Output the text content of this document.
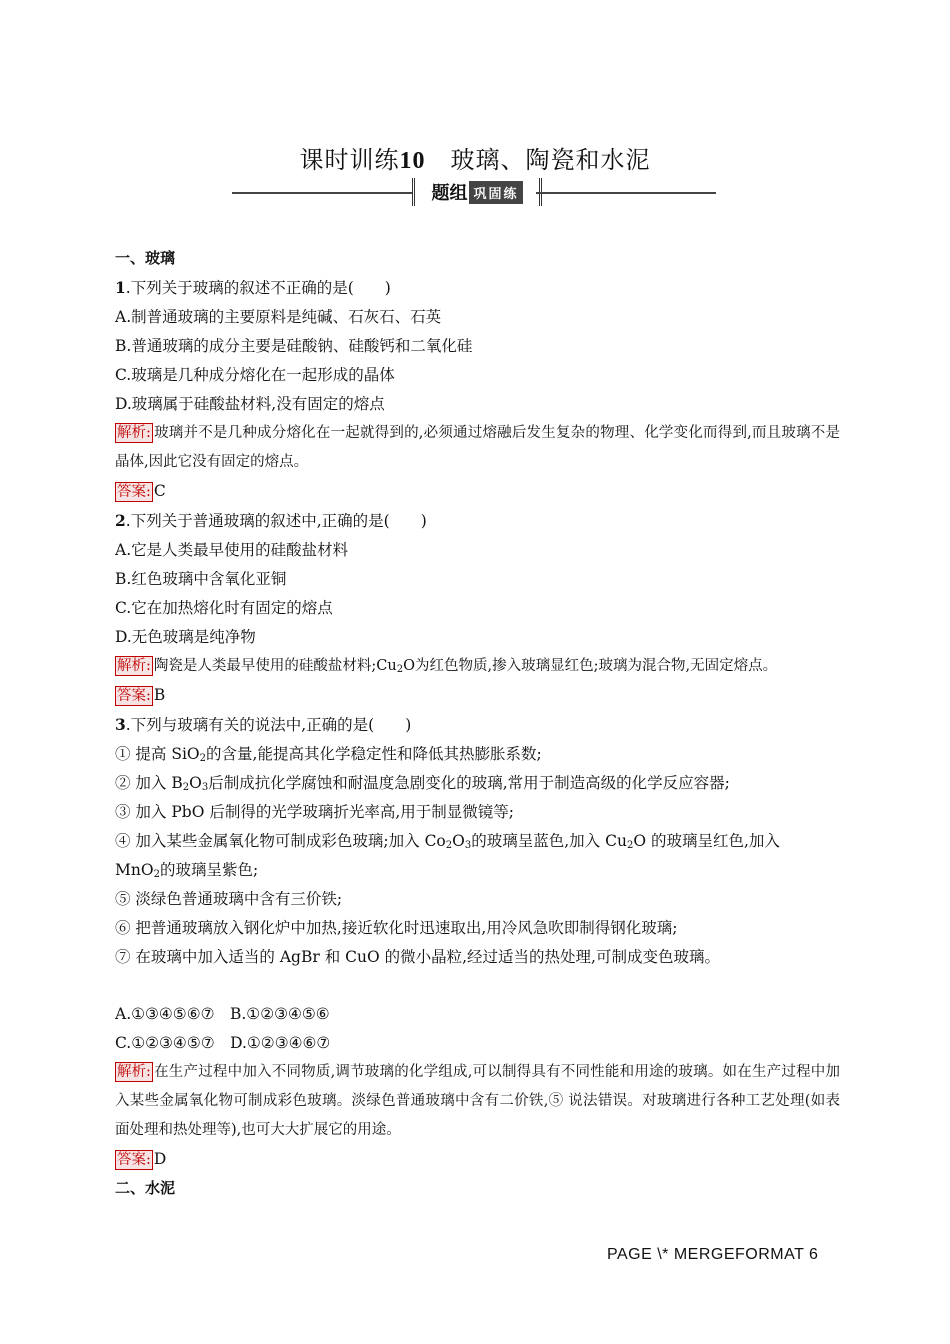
课时训练10　 玻璃、陶瓷和水泥
题组 巩固练
一、玻璃
1.下列关于玻璃的叙述不正确的是(　　)
A.制普通玻璃的主要原料是纯碱、石灰石、石英
B.普通玻璃的成分主要是硅酸钠、硅酸钙和二氧化硅
C.玻璃是几种成分熔化在一起形成的晶体
D.玻璃属于硅酸盐材料,没有固定的熔点
解析: 玻璃并不是几种成分熔化在一起就得到的,必须通过熔融后发生复杂的物理、化学变化而得到,而且玻璃不是晶体,因此它没有固定的熔点。
答案: C
2.下列关于普通玻璃的叙述中,正确的是(　　)
A.它是人类最早使用的硅酸盐材料
B.红色玻璃中含氧化亚铜
C.它在加热熔化时有固定的熔点
D.无色玻璃是纯净物
解析: 陶瓷是人类最早使用的硅酸盐材料$;Cu_2O$为红色物质,掺入玻璃显红色;玻璃为混合物,无固定熔点。
答案: B
3.下列与玻璃有关的说法中,正确的是(　　)
① 提高 SiO$_2$的含量,能提高其化学稳定性和降低其热膨胀系数;
② 加入 $B_2O_3$后制成抗化学腐蚀和耐温度急剧变化的玻璃,常用于制造高级的化学反应容器;
③ 加入 PbO 后制得的光学玻璃折光率高,用于制显微镜等;
④ 加入某些金属氧化物可制成彩色玻璃;加入 $Co_2O_3$的玻璃呈蓝色,加入 $Cu_2O$ 的玻璃呈红色,加入
MnO$_2$的玻璃呈紫色;
⑤ 淡绿色普通玻璃中含有三价铁;
⑥ 把普通玻璃放入钢化炉中加热,接近软化时迅速取出,用冷风急吹即制得钢化玻璃;
⑦ 在玻璃中加入适当的 AgBr 和 CuO 的微小晶粒,经过适当的热处理,可制成变色玻璃。
A.①③④⑤⑥⑦　B.①②③④⑤⑥
C.①②③④⑤⑦　D.①②③④⑥⑦
解析: 在生产过程中加入不同物质,调节玻璃的化学组成,可以制得具有不同性能和用途的玻璃。如在生产过程中加入某些金属氧化物可制成彩色玻璃。淡绿色普通玻璃中含有二价铁,⑤ 说法错误。对玻璃进行各种工艺处理(如表面处理和热处理等),也可大大扩展它的用途。
答案: D
二、水泥
PAGE \* MERGEFORMAT 6
